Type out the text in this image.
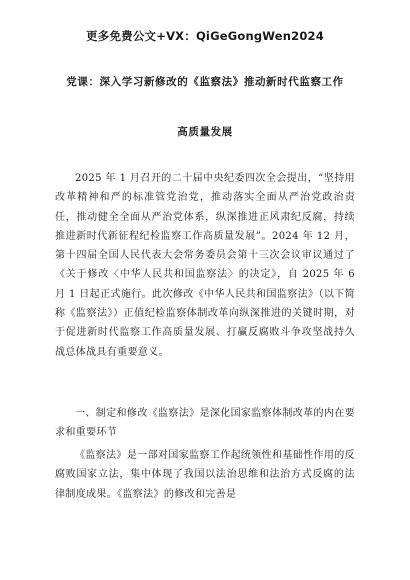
更多免费公文+VX：QiGeGongWen2024
党课：深入学习新修改的《监察法》推动新时代监察工作
高质量发展
2025 年 1 月召开的二十届中央纪委四次全会提出，“坚持用改革精神和严的标准管党治党，推动落实全面从严治党政治责任，推动健全全面从严治党体系，纵深推进正风肃纪反腐，持续推进新时代新征程纪检监察工作高质量发展”。2024 年 12 月，第十四届全国人民代表大会常务委员会第十三次会议审议通过了《关于修改〈中华人民共和国监察法〉的决定》，自 2025 年 6 月 1 日起正式施行。此次修改《中华人民共和国监察法》（以下简称《监察法》）正值纪检监察体制改革向纵深推进的关键时期，对于促进新时代监察工作高质量发展、打赢反腐败斗争攻坚战持久战总体战具有重要意义。
一、制定和修改《监察法》是深化国家监察体制改革的内在要求和重要环节
《监察法》是一部对国家监察工作起统领性和基础性作用的反腐败国家立法，集中体现了我国以法治思维和法治方式反腐的法律制度成果。《监察法》的修改和完善是
